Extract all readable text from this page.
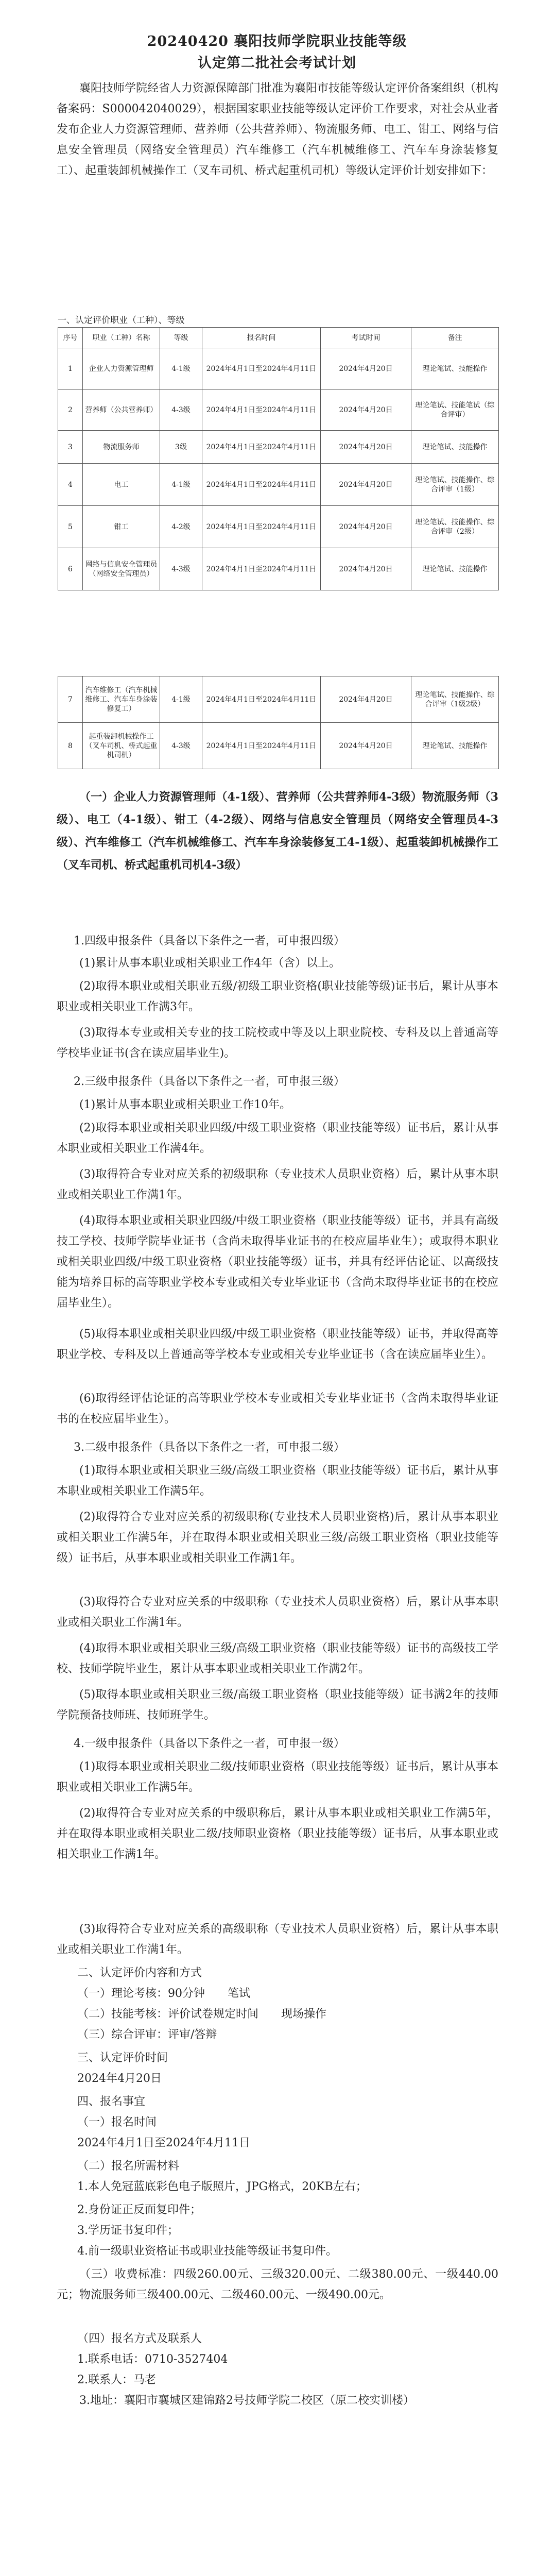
20240420 襄阳技师学院职业技能等级
认定第二批社会考试计划
襄阳技师学院经省人力资源保障部门批准为襄阳市技能等级认定评价备案组织（机构备案码：S000042040029），根据国家职业技能等级认定评价工作要求，对社会从业者发布企业人力资源管理师、营养师（公共营养师）、物流服务师、电工、钳工、网络与信息安全管理员（网络安全管理员）汽车维修工（汽车机械维修工、汽车车身涂装修复工）、起重装卸机械操作工（叉车司机、桥式起重机司机）等级认定评价计划安排如下：
一、认定评价职业（工种）、等级
序号	职业（工种）名称	等级	报名时间	考试时间	备注
1	企业人力资源管理师	4-1级	2024年4月1日至2024年4月11日	2024年4月20日	理论笔试、技能操作
2	营养师（公共营养师）	4-3级	2024年4月1日至2024年4月11日	2024年4月20日	理论笔试、技能笔试（综合评审）
3	物流服务师	3级	2024年4月1日至2024年4月11日	2024年4月20日	理论笔试、技能操作
4	电工	4-1级	2024年4月1日至2024年4月11日	2024年4月20日	理论笔试、技能操作、综合评审（1级）
5	钳工	4-2级	2024年4月1日至2024年4月11日	2024年4月20日	理论笔试、技能操作、综合评审（2级）
6	网络与信息安全管理员（网络安全管理员）	4-3级	2024年4月1日至2024年4月11日	2024年4月20日	理论笔试、技能操作
7	汽车维修工（汽车机械维修工、汽车车身涂装修复工）	4-1级	2024年4月1日至2024年4月11日	2024年4月20日	理论笔试、技能操作、综合评审（1级2级）
8	起重装卸机械操作工（叉车司机、桥式起重机司机）	4-3级	2024年4月1日至2024年4月11日	2024年4月20日	理论笔试、技能操作
（一）企业人力资源管理师（4-1级）、营养师（公共营养师4-3级）物流服务师（3级）、电工（4-1级）、钳工（4-2级）、网络与信息安全管理员（网络安全管理员4-3级）、汽车维修工（汽车机械维修工、汽车车身涂装修复工4-1级）、起重装卸机械操作工（叉车司机、桥式起重机司机4-3级）
1.四级申报条件（具备以下条件之一者，可申报四级）
(1)累计从事本职业或相关职业工作4年（含）以上。
(2)取得本职业或相关职业五级/初级工职业资格(职业技能等级)证书后，累计从事本职业或相关职业工作满3年。
(3)取得本专业或相关专业的技工院校或中等及以上职业院校、专科及以上普通高等学校毕业证书(含在读应届毕业生)。
2.三级申报条件（具备以下条件之一者，可申报三级）
(1)累计从事本职业或相关职业工作10年。
(2)取得本职业或相关职业四级/中级工职业资格（职业技能等级）证书后，累计从事本职业或相关职业工作满4年。
(3)取得符合专业对应关系的初级职称（专业技术人员职业资格）后，累计从事本职业或相关职业工作满1年。
(4)取得本职业或相关职业四级/中级工职业资格（职业技能等级）证书，并具有高级技工学校、技师学院毕业证书（含尚未取得毕业证书的在校应届毕业生）；或取得本职业或相关职业四级/中级工职业资格（职业技能等级）证书，并具有经评估论证、以高级技能为培养目标的高等职业学校本专业或相关专业毕业证书（含尚未取得毕业证书的在校应届毕业生）。
(5)取得本职业或相关职业四级/中级工职业资格（职业技能等级）证书，并取得高等职业学校、专科及以上普通高等学校本专业或相关专业毕业证书（含在读应届毕业生）。
(6)取得经评估论证的高等职业学校本专业或相关专业毕业证书（含尚未取得毕业证书的在校应届毕业生）。
3.二级申报条件（具备以下条件之一者，可申报二级）
(1)取得本职业或相关职业三级/高级工职业资格（职业技能等级）证书后，累计从事本职业或相关职业工作满5年。
(2)取得符合专业对应关系的初级职称(专业技术人员职业资格)后，累计从事本职业或相关职业工作满5年，并在取得本职业或相关职业三级/高级工职业资格（职业技能等级）证书后，从事本职业或相关职业工作满1年。
(3)取得符合专业对应关系的中级职称（专业技术人员职业资格）后，累计从事本职业或相关职业工作满1年。
(4)取得本职业或相关职业三级/高级工职业资格（职业技能等级）证书的高级技工学校、技师学院毕业生，累计从事本职业或相关职业工作满2年。
(5)取得本职业或相关职业三级/高级工职业资格（职业技能等级）证书满2年的技师学院预备技师班、技师班学生。
4.一级申报条件（具备以下条件之一者，可申报一级）
(1)取得本职业或相关职业二级/技师职业资格（职业技能等级）证书后，累计从事本职业或相关职业工作满5年。
(2)取得符合专业对应关系的中级职称后，累计从事本职业或相关职业工作满5年，并在取得本职业或相关职业二级/技师职业资格（职业技能等级）证书后，从事本职业或相关职业工作满1年。
(3)取得符合专业对应关系的高级职称（专业技术人员职业资格）后，累计从事本职业或相关职业工作满1年。
二、认定评价内容和方式
（一）理论考核：90分钟　　笔试
（二）技能考核：评价试卷规定时间　　现场操作
（三）综合评审：评审/答辩
三、认定评价时间
2024年4月20日
四、报名事宜
（一）报名时间
2024年4月1日至2024年4月11日
（二）报名所需材料
1.本人免冠蓝底彩色电子版照片，JPG格式，20KB左右；
2.身份证正反面复印件；
3.学历证书复印件；
4.前一级职业资格证书或职业技能等级证书复印件。
（三）收费标准：四级260.00元、三级320.00元、二级380.00元、一级440.00元；物流服务师三级400.00元、二级460.00元、一级490.00元。
（四）报名方式及联系人
1.联系电话：0710-3527404
2.联系人：马老
3.地址：襄阳市襄城区建锦路2号技师学院二校区（原二校实训楼）
